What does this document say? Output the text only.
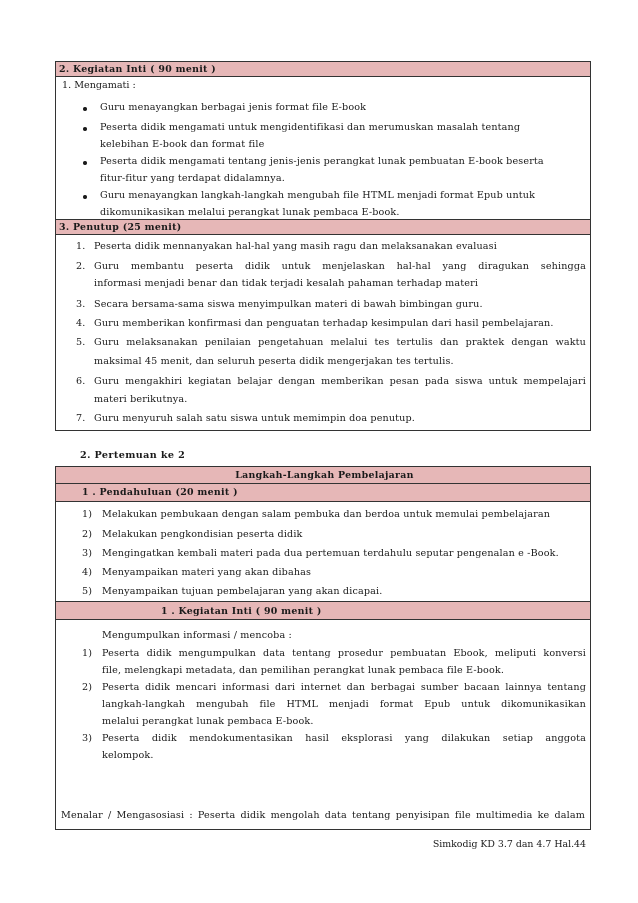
2. Kegiatan Inti ( 90 menit )
1. Mengamati :
Guru menayangkan berbagai jenis format file E-book
Peserta didik mengamati untuk mengidentifikasi dan merumuskan masalah tentang
kelebihan E-book dan format file
Peserta didik mengamati tentang jenis-jenis perangkat lunak pembuatan E-book beserta
fitur-fitur yang terdapat didalamnya.
Guru menayangkan langkah-langkah mengubah file HTML menjadi format Epub untuk
dikomunikasikan melalui perangkat lunak pembaca E-book.
3. Penutup (25 menit)
1. Peserta didik mennanyakan hal-hal yang masih ragu dan melaksanakan evaluasi
2. Guru membantu peserta didik untuk menjelaskan hal-hal yang diragukan sehingga
informasi menjadi benar dan tidak terjadi kesalah pahaman terhadap materi
3. Secara bersama-sama siswa menyimpulkan materi di bawah bimbingan guru.
4. Guru memberikan konfirmasi dan penguatan terhadap kesimpulan dari hasil pembelajaran.
5. Guru melaksanakan penilaian pengetahuan melalui tes tertulis dan praktek dengan waktu
maksimal 45 menit, dan seluruh peserta didik mengerjakan tes tertulis.
6. Guru mengakhiri kegiatan belajar dengan memberikan pesan pada siswa untuk mempelajari
materi berikutnya.
7. Guru menyuruh salah satu siswa untuk memimpin doa penutup.
2. Pertemuan ke 2
Langkah-Langkah Pembelajaran
1 . Pendahuluan (20 menit )
1) Melakukan pembukaan dengan salam pembuka dan berdoa untuk memulai pembelajaran
2) Melakukan pengkondisian peserta didik
3) Mengingatkan kembali materi pada dua pertemuan terdahulu seputar pengenalan e -Book.
4) Menyampaikan materi yang akan dibahas
5) Menyampaikan tujuan pembelajaran yang akan dicapai.
1 . Kegiatan Inti ( 90 menit )
Mengumpulkan informasi / mencoba :
1) Peserta didik mengumpulkan data tentang prosedur pembuatan Ebook, meliputi konversi
file, melengkapi metadata, dan pemilihan perangkat lunak pembaca file E-book.
2) Peserta didik mencari informasi dari internet dan berbagai sumber bacaan lainnya tentang
langkah-langkah mengubah file HTML menjadi format Epub untuk dikomunikasikan
melalui perangkat lunak pembaca E-book.
3) Peserta didik mendokumentasikan hasil eksplorasi yang dilakukan setiap anggota
kelompok.
Menalar / Mengasosiasi : Peserta didik mengolah data tentang penyisipan file multimedia ke dalam
Simkodig KD 3.7 dan 4.7 Hal.44
